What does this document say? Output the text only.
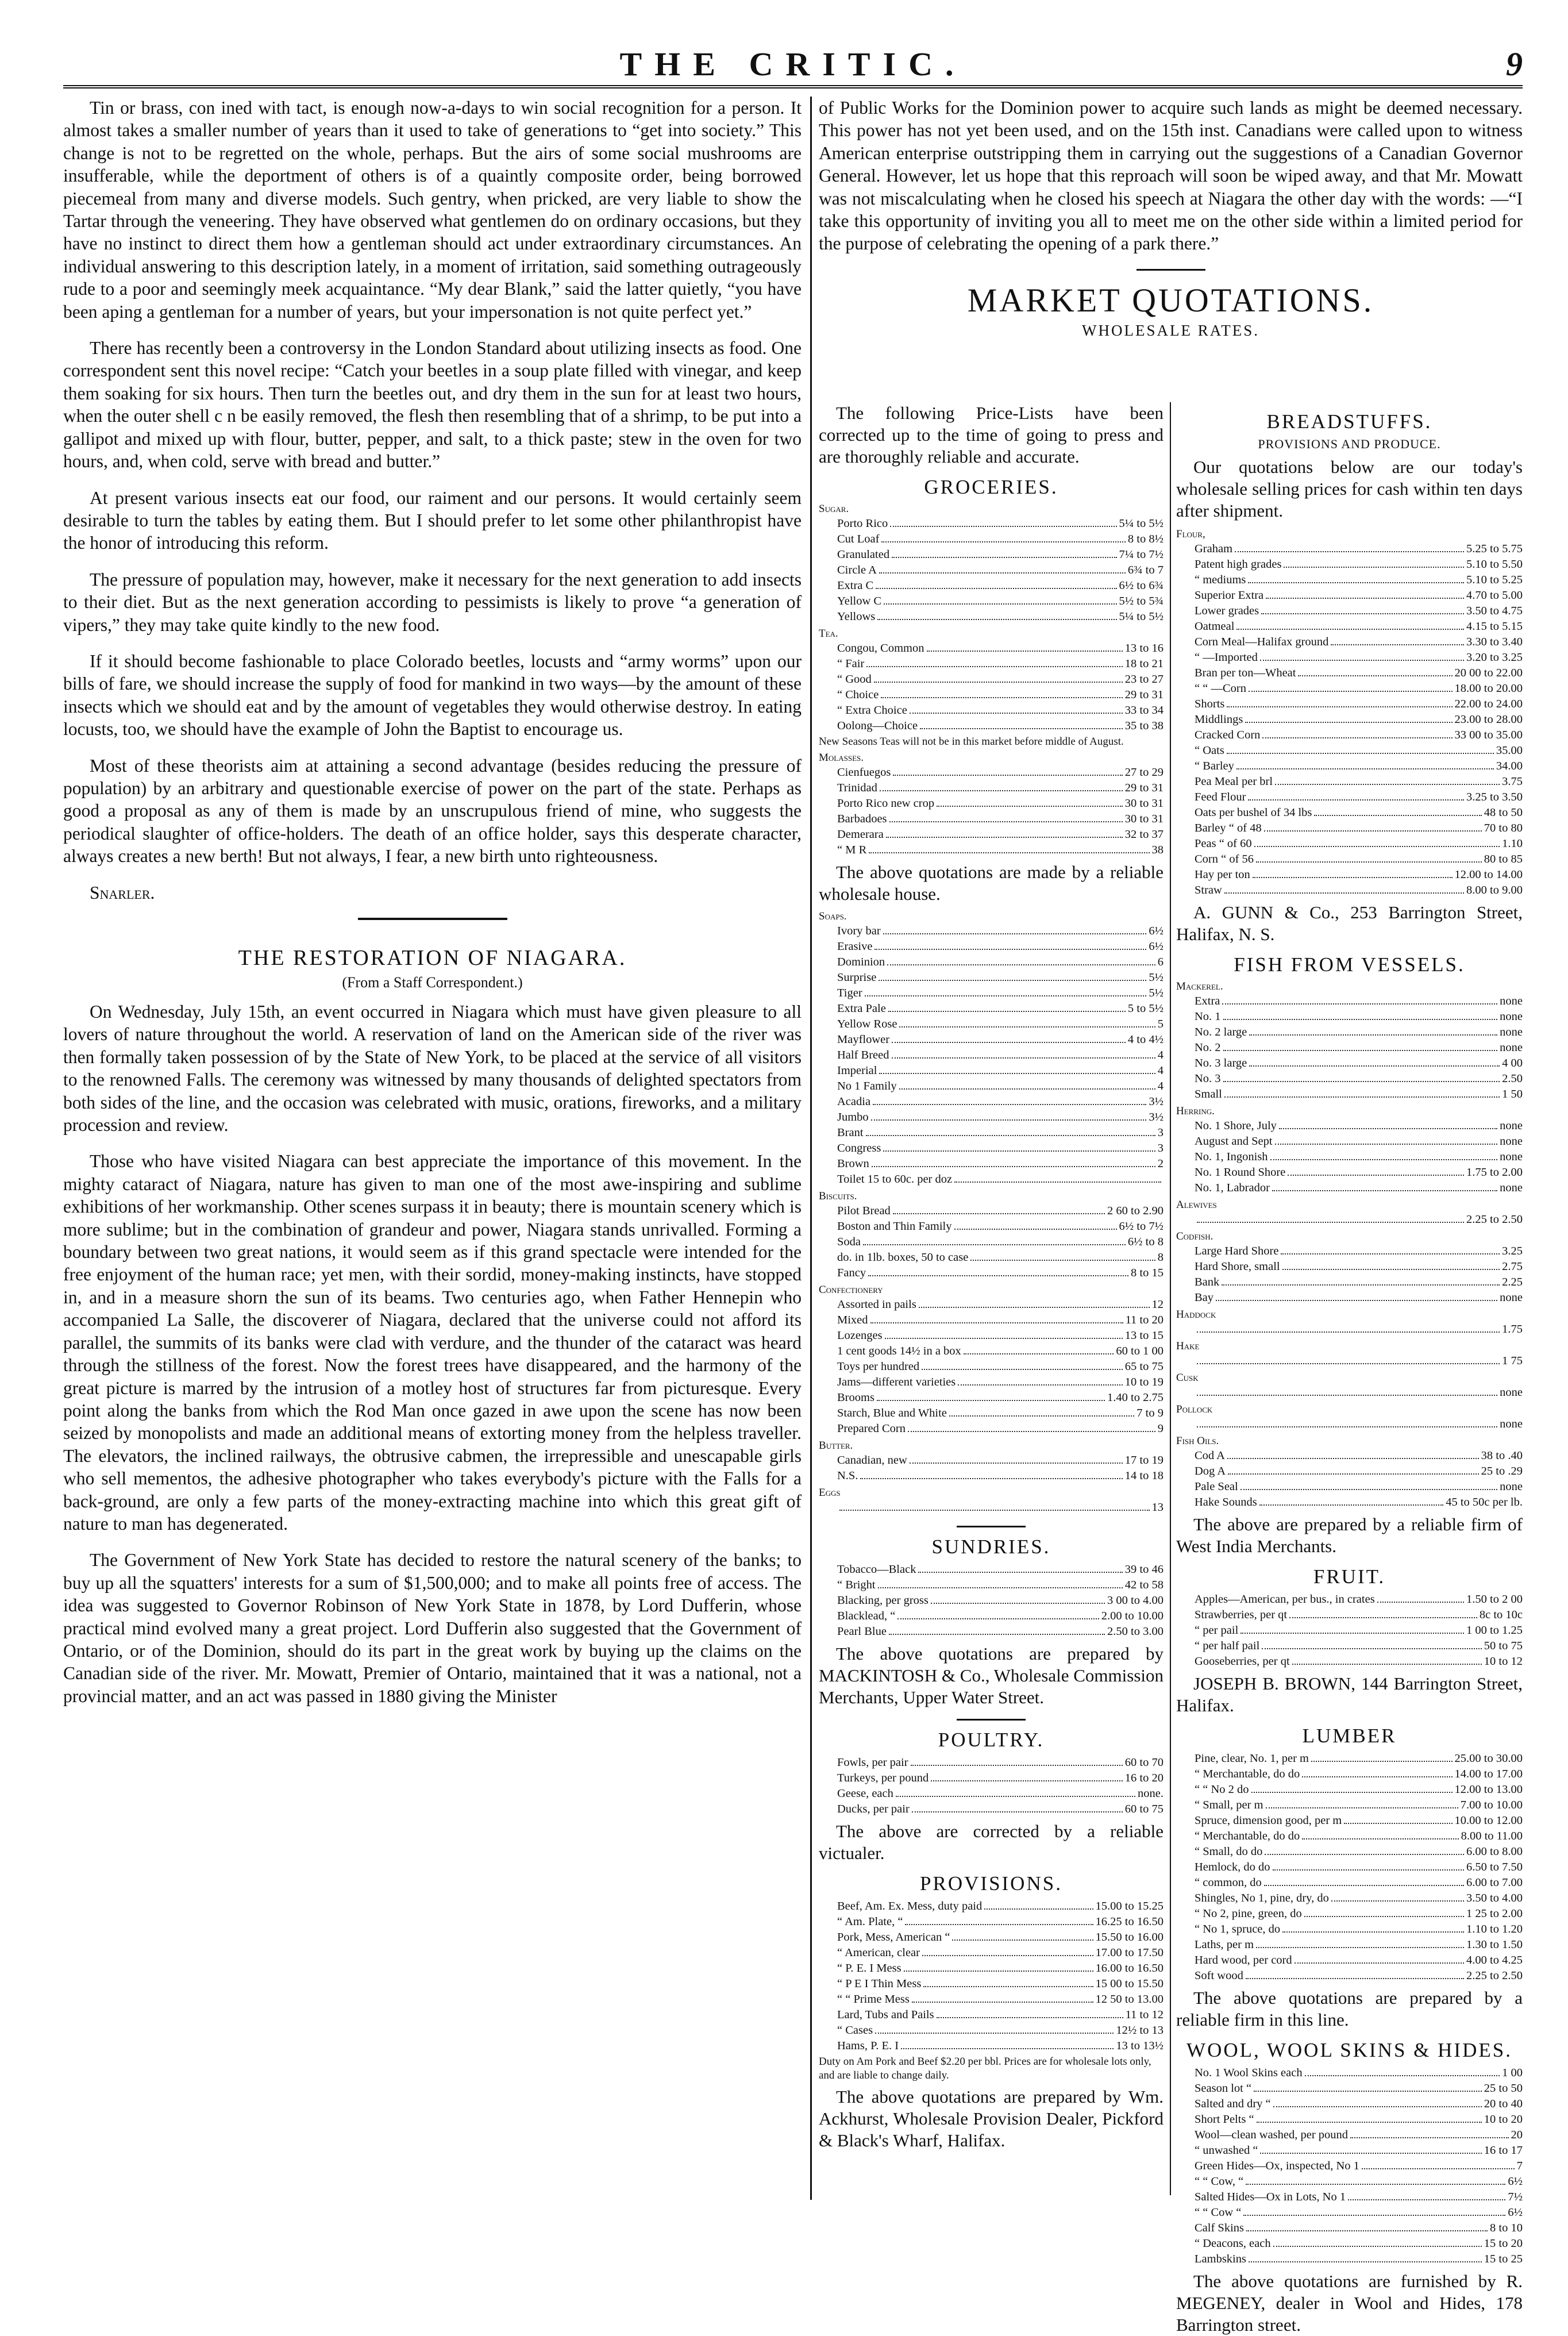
THE CRITIC.	9

Tin or brass, con ined with tact, is enough now-a-days to win social recognition for a person. It almost takes a smaller number of years than it used to take of generations to “get into society.” This change is not to be regretted on the whole, perhaps. But the airs of some social mushrooms are insufferable, while the deportment of others is of a quaintly composite order, being borrowed piecemeal from many and diverse models. Such gentry, when pricked, are very liable to show the Tartar through the veneering. They have observed what gentlemen do on ordinary occasions, but they have no instinct to direct them how a gentleman should act under extraordinary circumstances. An individual answering to this description lately, in a moment of irritation, said something outrageously rude to a poor and seemingly meek acquaintance. “My dear Blank,” said the latter quietly, “you have been aping a gentleman for a number of years, but your impersonation is not quite perfect yet.”

There has recently been a controversy in the London Standard about utilizing insects as food. One correspondent sent this novel recipe: “Catch your beetles in a soup plate filled with vinegar, and keep them soaking for six hours. Then turn the beetles out, and dry them in the sun for at least two hours, when the outer shell c n be easily removed, the flesh then resembling that of a shrimp, to be put into a gallipot and mixed up with flour, butter, pepper, and salt, to a thick paste; stew in the oven for two hours, and, when cold, serve with bread and butter.”

At present various insects eat our food, our raiment and our persons. It would certainly seem desirable to turn the tables by eating them. But I should prefer to let some other philanthropist have the honor of introducing this reform.

The pressure of population may, however, make it necessary for the next generation to add insects to their diet. But as the next generation according to pessimists is likely to prove “a generation of vipers,” they may take quite kindly to the new food.

If it should become fashionable to place Colorado beetles, locusts and “army worms” upon our bills of fare, we should increase the supply of food for mankind in two ways—by the amount of these insects which we should eat and by the amount of vegetables they would otherwise destroy. In eating locusts, too, we should have the example of John the Baptist to encourage us.

Most of these theorists aim at attaining a second advantage (besides reducing the pressure of population) by an arbitrary and questionable exercise of power on the part of the state. Perhaps as good a proposal as any of them is made by an unscrupulous friend of mine, who suggests the periodical slaughter of office-holders. The death of an office holder, says this desperate character, always creates a new berth! But not always, I fear, a new birth unto righteousness.

Snarler.

THE RESTORATION OF NIAGARA.
(From a Staff Correspondent.)

On Wednesday, July 15th, an event occurred in Niagara which must have given pleasure to all lovers of nature throughout the world. A reservation of land on the American side of the river was then formally taken possession of by the State of New York, to be placed at the service of all visitors to the renowned Falls. The ceremony was witnessed by many thousands of delighted spectators from both sides of the line, and the occasion was celebrated with music, orations, fireworks, and a military procession and review.

Those who have visited Niagara can best appreciate the importance of this movement. In the mighty cataract of Niagara, nature has given to man one of the most awe-inspiring and sublime exhibitions of her workmanship. Other scenes surpass it in beauty; there is mountain scenery which is more sublime; but in the combination of grandeur and power, Niagara stands unrivalled. Forming a boundary between two great nations, it would seem as if this grand spectacle were intended for the free enjoyment of the human race; yet men, with their sordid, money-making instincts, have stopped in, and in a measure shorn the sun of its beams. Two centuries ago, when Father Hennepin who accompanied La Salle, the discoverer of Niagara, declared that the universe could not afford its parallel, the summits of its banks were clad with verdure, and the thunder of the cataract was heard through the stillness of the forest. Now the forest trees have disappeared, and the harmony of the great picture is marred by the intrusion of a motley host of structures far from picturesque. Every point along the banks from which the Rod Man once gazed in awe upon the scene has now been seized by monopolists and made an additional means of extorting money from the helpless traveller. The elevators, the inclined railways, the obtrusive cabmen, the irrepressible and unescapable girls who sell mementos, the adhesive photographer who takes everybody's picture with the Falls for a back-ground, are only a few parts of the money-extracting machine into which this great gift of nature to man has degenerated.

The Government of New York State has decided to restore the natural scenery of the banks; to buy up all the squatters' interests for a sum of $1,500,000; and to make all points free of access. The idea was suggested to Governor Robinson of New York State in 1878, by Lord Dufferin, whose practical mind evolved many a great project. Lord Dufferin also suggested that the Government of Ontario, or of the Dominion, should do its part in the great work by buying up the claims on the Canadian side of the river. Mr. Mowatt, Premier of Ontario, maintained that it was a national, not a provincial matter, and an act was passed in 1880 giving the Minister

of Public Works for the Dominion power to acquire such lands as might be deemed necessary. This power has not yet been used, and on the 15th inst. Canadians were called upon to witness American enterprise outstripping them in carrying out the suggestions of a Canadian Governor General. However, let us hope that this reproach will soon be wiped away, and that Mr. Mowatt was not miscalculating when he closed his speech at Niagara the other day with the words: —“I take this opportunity of inviting you all to meet me on the other side within a limited period for the purpose of celebrating the opening of a park there.”

MARKET QUOTATIONS.
WHOLESALE RATES.

The following Price-Lists have been corrected up to the time of going to press and are thoroughly reliable and accurate.

GROCERIES.
Sugar.
Porto Rico	5¼ to 5½
Cut Loaf	8 to 8½
Granulated	7¼ to 7½
Circle A	6¾ to 7
Extra C	6½ to 6¾
Yellow C	5½ to 5¾
Yellows	5¼ to 5½
Tea.
Congou, Common	13 to 16
“ Fair	18 to 21
“ Good	23 to 27
“ Choice	29 to 31
“ Extra Choice	33 to 34
Oolong—Choice	35 to 38
New Seasons Teas will not be in this market before middle of August.
Molasses.
Cienfuegos	27 to 29
Trinidad	29 to 31
Porto Rico new crop	30 to 31
Barbadoes	30 to 31
Demerara	32 to 37
“ M R	38

The above quotations are made by a reliable wholesale house.

Soaps.
Ivory bar	6½
Erasive	6½
Dominion	6
Surprise	5½
Tiger	5½
Extra Pale	5 to 5½
Yellow Rose	5
Mayflower	4 to 4½
Half Breed	4
Imperial	4
No 1 Family	4
Acadia	3½
Jumbo	3½
Brant	3
Congress	3
Brown	2
Toilet 15 to 60c. per doz
Biscuits.
Pilot Bread	2 60 to 2.90
Boston and Thin Family	6½ to 7½
Soda	6½ to 8
do. in 1lb. boxes, 50 to case	8
Fancy	8 to 15
Confectionery
Assorted in pails	12
Mixed	11 to 20
Lozenges	13 to 15
1 cent goods 14½ in a box	60 to 1 00
Toys per hundred	65 to 75
Jams—different varieties	10 to 19
Brooms	1.40 to 2.75
Starch, Blue and White	7 to 9
Prepared Corn	9
Butter.
Canadian, new	17 to 19
N.S.	14 to 18
Eggs
13
SUNDRIES.
Tobacco—Black	39 to 46
“ Bright	42 to 58
Blacking, per gross	3 00 to 4.00
Blacklead, “	2.00 to 10.00
Pearl Blue	2.50 to 3.00

The above quotations are prepared by MACKINTOSH & Co., Wholesale Commission Merchants, Upper Water Street.

POULTRY.
Fowls, per pair	60 to 70
Turkeys, per pound	16 to 20
Geese, each	none.
Ducks, per pair	60 to 75

The above are corrected by a reliable victualer.

PROVISIONS.
Beef, Am. Ex. Mess, duty paid	15.00 to 15.25
“ Am. Plate, “	16.25 to 16.50
Pork, Mess, American “	15.50 to 16.00
“ American, clear	17.00 to 17.50
“ P. E. I Mess	16.00 to 16.50
“ P E I Thin Mess	15 00 to 15.50
“ “ Prime Mess	12 50 to 13.00
Lard, Tubs and Pails	11 to 12
“ Cases	12½ to 13
Hams, P. E. I	13 to 13½
Duty on Am Pork and Beef $2.20 per bbl. Prices are for wholesale lots only, and are liable to change daily.

The above quotations are prepared by Wm. Ackhurst, Wholesale Provision Dealer, Pickford & Black's Wharf, Halifax.

BREADSTUFFS.
PROVISIONS AND PRODUCE.

Our quotations below are our today's wholesale selling prices for cash within ten days after shipment.

Flour,
Graham	5.25 to 5.75
Patent high grades	5.10 to 5.50
“ mediums	5.10 to 5.25
Superior Extra	4.70 to 5.00
Lower grades	3.50 to 4.75
Oatmeal	4.15 to 5.15
Corn Meal—Halifax ground	3.30 to 3.40
“ —Imported	3.20 to 3.25
Bran per ton—Wheat	20 00 to 22.00
“ “ —Corn	18.00 to 20.00
Shorts	22.00 to 24.00
Middlings	23.00 to 28.00
Cracked Corn	33 00 to 35.00
“ Oats	35.00
“ Barley	34.00
Pea Meal per brl	3.75
Feed Flour	3.25 to 3.50
Oats per bushel of 34 lbs	48 to 50
Barley “ of 48	70 to 80
Peas “ of 60	1.10
Corn “ of 56	80 to 85
Hay per ton	12.00 to 14.00
Straw	8.00 to 9.00

A. GUNN & Co., 253 Barrington Street, Halifax, N. S.

FISH FROM VESSELS.
Mackerel.
Extra	none
No. 1	none
No. 2 large	none
No. 2	none
No. 3 large	4 00
No. 3	2.50
Small	1 50
Herring.
No. 1 Shore, July	none
August and Sept	none
No. 1, Ingonish	none
No. 1 Round Shore	1.75 to 2.00
No. 1, Labrador	none
Alewives
2.25 to 2.50
Codfish.
Large Hard Shore	3.25
Hard Shore, small	2.75
Bank	2.25
Bay	none
Haddock
1.75
Hake
1 75
Cusk
none
Pollock
none
Fish Oils.
Cod A	38 to .40
Dog A	25 to .29
Pale Seal	none
Hake Sounds	45 to 50c per lb.

The above are prepared by a reliable firm of West India Merchants.

FRUIT.
Apples—American, per bus., in crates	1.50 to 2 00
Strawberries, per qt	8c to 10c
“ per pail	1 00 to 1.25
“ per half pail	50 to 75
Gooseberries, per qt	10 to 12

JOSEPH B. BROWN, 144 Barrington Street, Halifax.

LUMBER
Pine, clear, No. 1, per m	25.00 to 30.00
“ Merchantable, do do	14.00 to 17.00
“ “ No 2 do	12.00 to 13.00
“ Small, per m	7.00 to 10.00
Spruce, dimension good, per m	10.00 to 12.00
“ Merchantable, do do	8.00 to 11.00
“ Small, do do	6.00 to 8.00
Hemlock, do do	6.50 to 7.50
“ common, do	6.00 to 7.00
Shingles, No 1, pine, dry, do	3.50 to 4.00
“ No 2, pine, green, do	1 25 to 2.00
“ No 1, spruce, do	1.10 to 1.20
Laths, per m	1.30 to 1.50
Hard wood, per cord	4.00 to 4.25
Soft wood	2.25 to 2.50

The above quotations are prepared by a reliable firm in this line.

WOOL, WOOL SKINS & HIDES.
No. 1 Wool Skins each	1 00
Season lot “	25 to 50
Salted and dry “	20 to 40
Short Pelts “	10 to 20
Wool—clean washed, per pound	20
“ unwashed “	16 to 17
Green Hides—Ox, inspected, No 1	7
“ “ Cow, “	6½
Salted Hides—Ox in Lots, No 1	7½
“ “ Cow “	6½
Calf Skins	8 to 10
“ Deacons, each	15 to 20
Lambskins	15 to 25

The above quotations are furnished by R. MEGENEY, dealer in Wool and Hides, 178 Barrington street.
